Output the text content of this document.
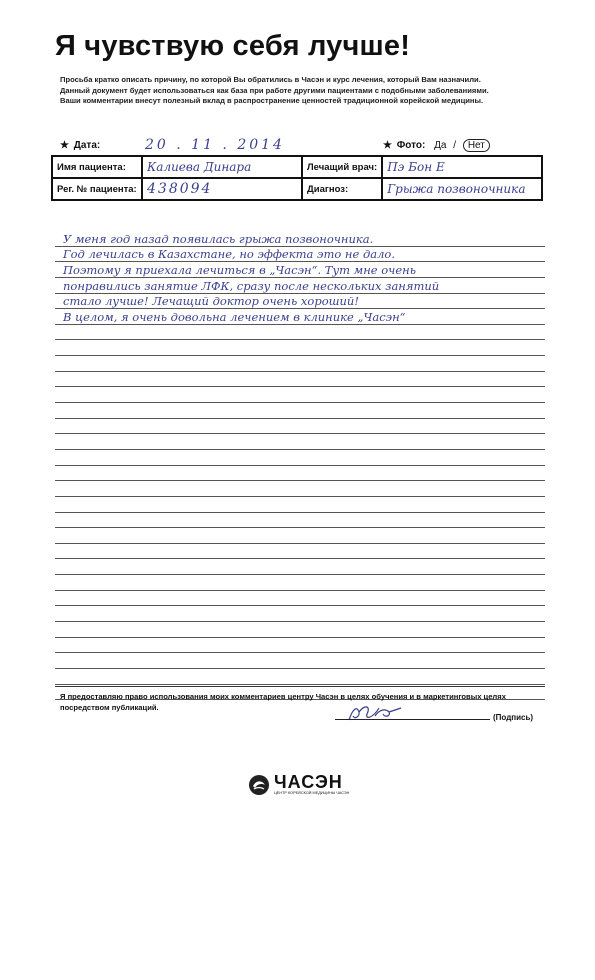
Я чувствую себя лучше!
Просьба кратко описать причину, по которой Вы обратились в Часэн и курс лечения, который Вам назначили.
Данный документ будет использоваться как база при работе другими пациентами с подобными заболеваниями.
Ваши комментарии внесут полезный вклад в распространение ценностей традиционной корейской медицины.
★ Дата:	20 . 11 . 2014	★ Фото: Да / Нет
Имя пациента:	Калиева Динара	Лечащий врач:	Пэ Бон Е
Рег. № пациента:	438094	Диагноз:	Грыжа позвоночника
У меня год назад появилась грыжа позвоночника.
Год лечилась в Казахстане, но эффекта это не дало.
Поэтому я приехала лечиться в „Часэн“. Тут мне очень
понравились занятие ЛФК, сразу после нескольких занятий
стало лучше! Лечащий доктор очень хороший!
В целом, я очень довольна лечением в клинике „Часэн“
Я предоставляю право использования моих комментариев центру Часэн в целях обучения и в маркетинговых целях посредством публикаций.
(Подпись)
ЧАСЭН
ЦЕНТР КОРЕЙСКОЙ МЕДИЦИНЫ ЧАСЭН
